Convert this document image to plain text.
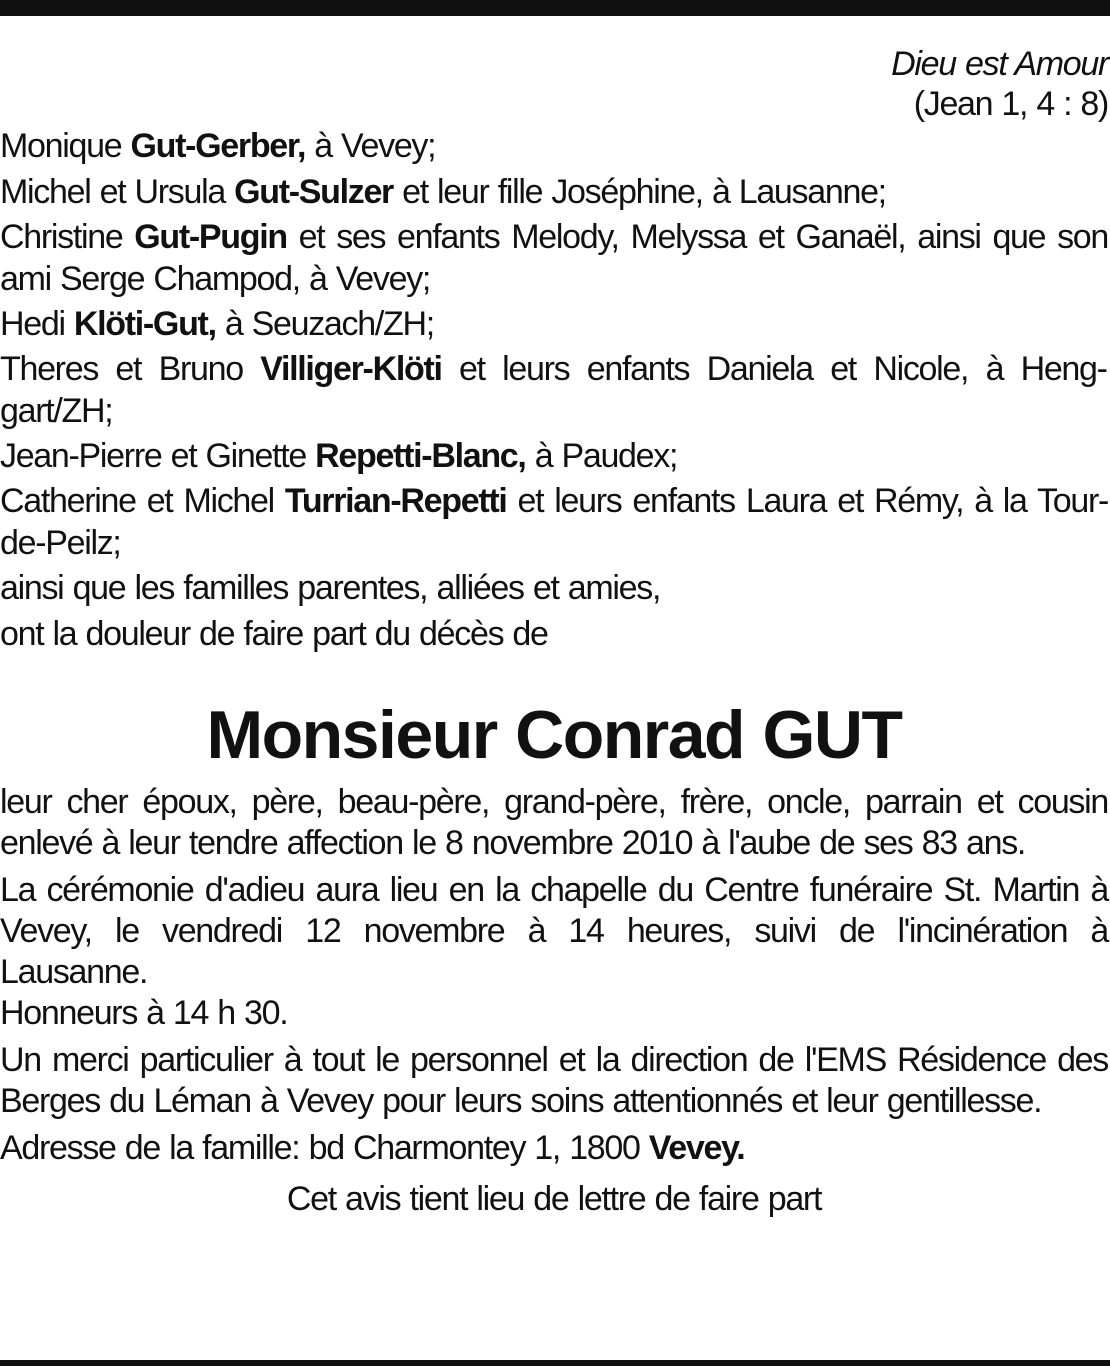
Dieu est Amour
(Jean 1, 4 : 8)

Monique Gut-Gerber, à Vevey;

Michel et Ursula Gut-Sulzer et leur fille Joséphine, à Lausanne;

Christine Gut-Pugin et ses enfants Melody, Melyssa et Ganaël, ainsi que son ami Serge Champod, à Vevey;

Hedi Klöti-Gut, à Seuzach/ZH;

Theres et Bruno Villiger-Klöti et leurs enfants Daniela et Nicole, à Henggart/ZH;

Jean-Pierre et Ginette Repetti-Blanc, à Paudex;

Catherine et Michel Turrian-Repetti et leurs enfants Laura et Rémy, à la Tour-de-Peilz;

ainsi que les familles parentes, alliées et amies,

ont la douleur de faire part du décès de

Monsieur Conrad GUT

leur cher époux, père, beau-père, grand-père, frère, oncle, parrain et cousin enlevé à leur tendre affection le 8 novembre 2010 à l'aube de ses 83 ans.

La cérémonie d'adieu aura lieu en la chapelle du Centre funéraire St. Martin à Vevey, le vendredi 12 novembre à 14 heures, suivi de l'incinération à Lausanne.

Honneurs à 14 h 30.

Un merci particulier à tout le personnel et la direction de l'EMS Résidence des Berges du Léman à Vevey pour leurs soins attentionnés et leur gentillesse.

Adresse de la famille: bd Charmontey 1, 1800 Vevey.

Cet avis tient lieu de lettre de faire part
